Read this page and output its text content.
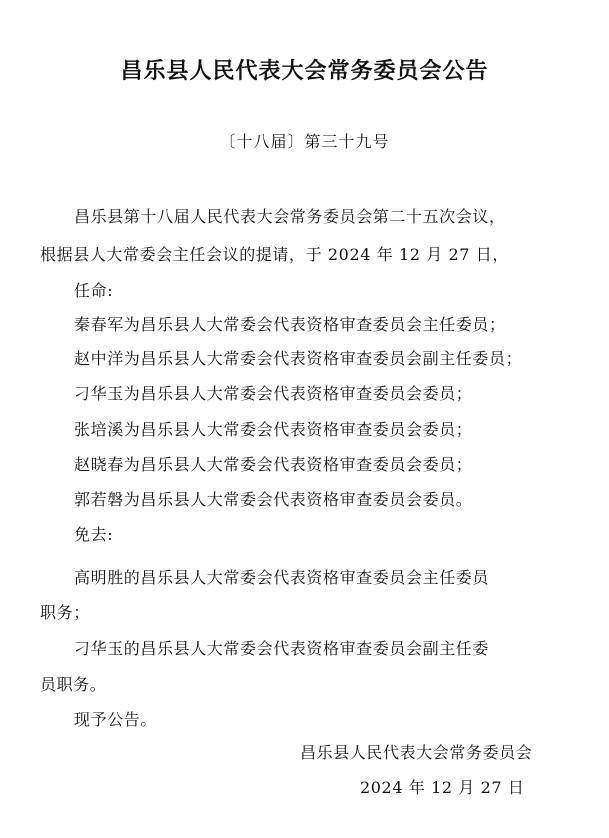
昌乐县人民代表大会常务委员会公告
〔十八届〕第三十九号
昌乐县第十八届人民代表大会常务委员会第二十五次会议，
根据县人大常委会主任会议的提请，于 2024 年 12 月 27 日，
任命:
秦春军为昌乐县人大常委会代表资格审查委员会主任委员；
赵中洋为昌乐县人大常委会代表资格审查委员会副主任委员；
刁华玉为昌乐县人大常委会代表资格审查委员会委员；
张培溪为昌乐县人大常委会代表资格审查委员会委员；
赵晓春为昌乐县人大常委会代表资格审查委员会委员；
郭若磐为昌乐县人大常委会代表资格审查委员会委员。
免去:
高明胜的昌乐县人大常委会代表资格审查委员会主任委员
职务；
刁华玉的昌乐县人大常委会代表资格审查委员会副主任委
员职务。
现予公告。
昌乐县人民代表大会常务委员会
2024 年 12 月 27 日
